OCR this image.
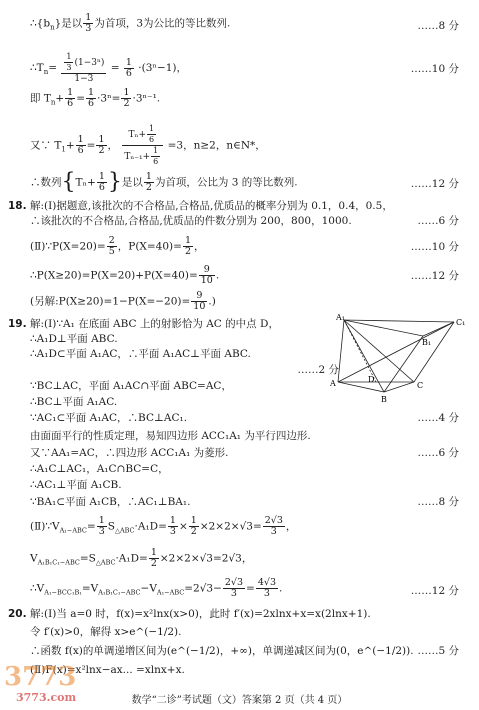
$\therefore\{b_n\}$是以 $\frac{1}{3}$ 为首项，3为公比的等比数列.	……8 分
$\therefore T_n= \frac{\frac{1}{3} (1-3^n)}{1-3} = \frac{1}{6} \cdot(3^n-1)$，	……10 分
即 $T_n+ \frac{1}{6} = \frac{1}{6} \cdot 3^n= \frac{1}{2} \cdot 3^{n-1}$.
又∵ $T_1+ \frac{1}{6} = \frac{1}{2}$ ， $\frac{T_n+ \frac{1}{6}}{T_{n-1}+ \frac{1}{6}} =3$，n≥2，n∈N*，
∴数列{$T_n+ \frac{1}{6}$ }是以 $\frac{1}{2}$ 为首项，公比为 3 的等比数列.	……12 分
18. 解:(Ⅰ)据题意,该批次的不合格品,合格品,优质品的概率分别为 0.1，0.4，0.5，
∴该批次的不合格品,合格品,优质品的件数分别为 200，800，1000.	……6 分
(Ⅱ)∵P(X=20)= $\frac{2}{5}$ ，$P(X=40)= \frac{1}{2}$ ，	……10 分
∴P(X≥20)=P(X=20)+P(X=40)= $\frac{9}{10}$ .	……12 分
(另解:P(X≥20)=1−P(X=−20)= $\frac{9}{10}$ .)
19. 解:(Ⅰ)∵A₁ 在底面 ABC 上的射影恰为 AC 的中点 D，
∴A₁D⊥平面 ABC.
∴A₁D⊂平面 A₁AC，∴平面 A₁AC⊥平面 ABC.
……2 分
∵BC⊥AC，平面 A₁AC∩平面 ABC=AC，
∴BC⊥平面 A₁AC.
∵AC₁⊂平面 A₁AC，∴BC⊥AC₁.	……4 分
由面面平行的性质定理，易知四边形 ACC₁A₁ 为平行四边形.
又∵AA₁=AC，∴四边形 ACC₁A₁ 为菱形.	……6 分
∴A₁C⊥AC₁，A₁C∩BC=C，
∴AC₁⊥平面 A₁CB.
∵BA₁⊂平面 A₁CB，∴AC₁⊥BA₁.	……8 分
$(Ⅱ)\because V_{A_1-ABC}= \frac{1}{3} S_{\triangle ABC}\cdot A_1D= \frac{1}{3} \times \frac{1}{2} \times 2\times 2\times√3= \frac{2√3}{3}$ ，
$V_{A_1B_1C_1-ABC}=S_{\triangle ABC}\cdot A_1D= \frac{1}{2} \times 2\times 2\times√3=2√3$，
$\therefore V_{A_1-BCC_1B_1}=V_{A_1B_1C_1-ABC}-V_{A_1-ABC}=2√3- \frac{2√3}{3} = \frac{4√3}{3}$ .	……12 分
20. 解:(Ⅰ)当 a=0 时，f(x)=x²lnx(x>0)，此时 f′(x)=2xlnx+x=x(2lnx+1).
令 f′(x)>0，解得 x>e^(−1/2).
∴函数 f(x)的单调递增区间为(e^(−1/2)，+∞)，单调递减区间为(0，e^(−1/2)). ……5 分
(Ⅱ)F(x)=x²lnx−ax... =xlnx+x.
A₁
C₁
B₁
A	D
C
B
3773
3773.com	数学“二诊”考试题（文）答案第 2 页（共 4 页）
